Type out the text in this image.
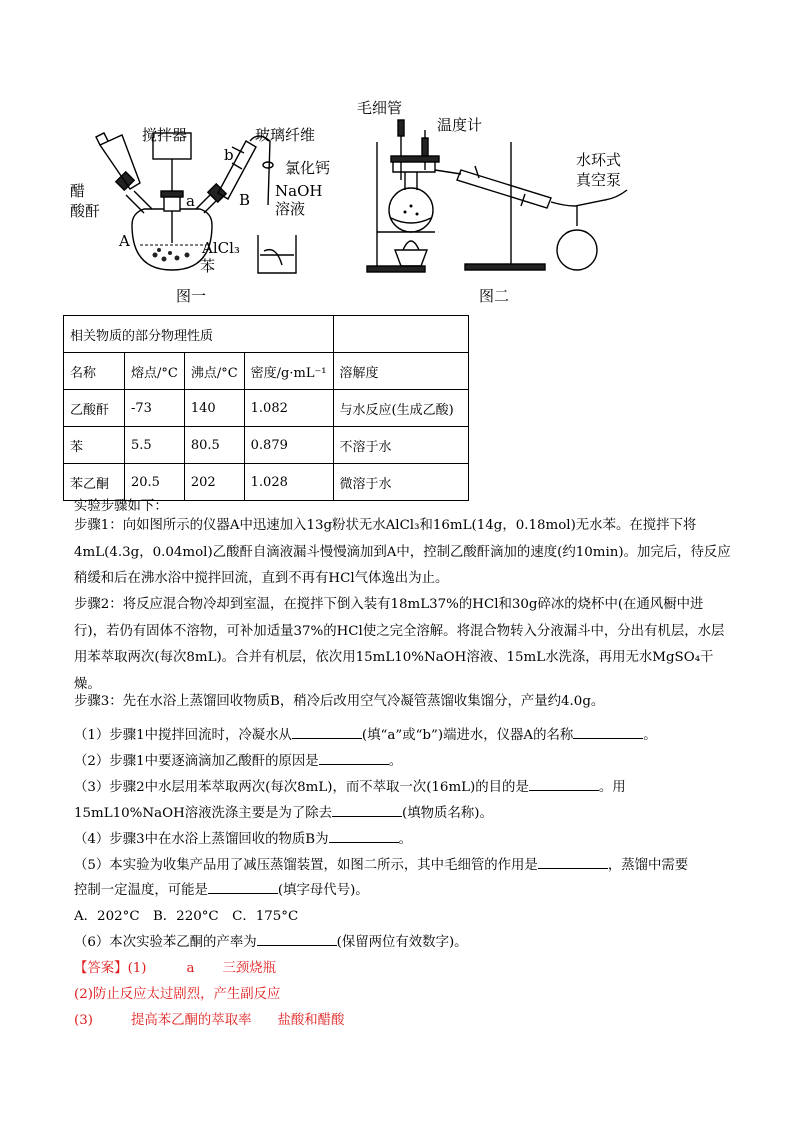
搅拌器	玻璃纤维
b
a	B
氯化钙
NaOH
溶液
醋
酸酐
A	AlCl₃
苯
图一
毛细管
温度计
水环式
真空泵
图二
相关物质的部分物理性质				
名称	熔点/°C	沸点/°C	密度/g·mL⁻¹	溶解度
乙酸酐	-73	140	1.082	与水反应(生成乙酸)
苯	5.5	80.5	0.879	不溶于水
苯乙酮	20.5	202	1.028	微溶于水
实验步骤如下：
步骤1：向如图所示的仪器A中迅速加入13g粉状无水AlCl₃和16mL(14g，0.18mol)无水苯。在搅拌下将4mL(4.3g，0.04mol)乙酸酐自滴液漏斗慢慢滴加到A中，控制乙酸酐滴加的速度(约10min)。加完后，待反应稍缓和后在沸水浴中搅拌回流，直到不再有HCl气体逸出为止。
步骤2：将反应混合物冷却到室温，在搅拌下倒入装有18mL37%的HCl和30g碎冰的烧杯中(在通风橱中进行)，若仍有固体不溶物，可补加适量37%的HCl使之完全溶解。将混合物转入分液漏斗中，分出有机层，水层用苯萃取两次(每次8mL)。合并有机层，依次用15mL10%NaOH溶液、15mL水洗涤，再用无水MgSO₄干燥。
步骤3：先在水浴上蒸馏回收物质B，稍冷后改用空气冷凝管蒸馏收集馏分，产量约4.0g。
（1）步骤1中搅拌回流时，冷凝水从	(填“a”或“b”)端进水，仪器A的名称	。
（2）步骤1中要逐滴滴加乙酸酐的原因是	。
（3）步骤2中水层用苯萃取两次(每次8mL)，而不萃取一次(16mL)的目的是	。用
15mL10%NaOH溶液洗涤主要是为了除去	(填物质名称)。
（4）步骤3中在水浴上蒸馏回收的物质B为	。
（5）本实验为收集产品用了减压蒸馏装置，如图二所示，其中毛细管的作用是	，蒸馏中需要
控制一定温度，可能是	(填字母代号)。
A．202°C　B．220°C　C．175°C
（6）本次实验苯乙酮的产率为	(保留两位有效数字)。
【答案】(1)	a 三颈烧瓶
(2)防止反应太过剧烈，产生副反应
(3)	提高苯乙酮的萃取率 盐酸和醋酸
